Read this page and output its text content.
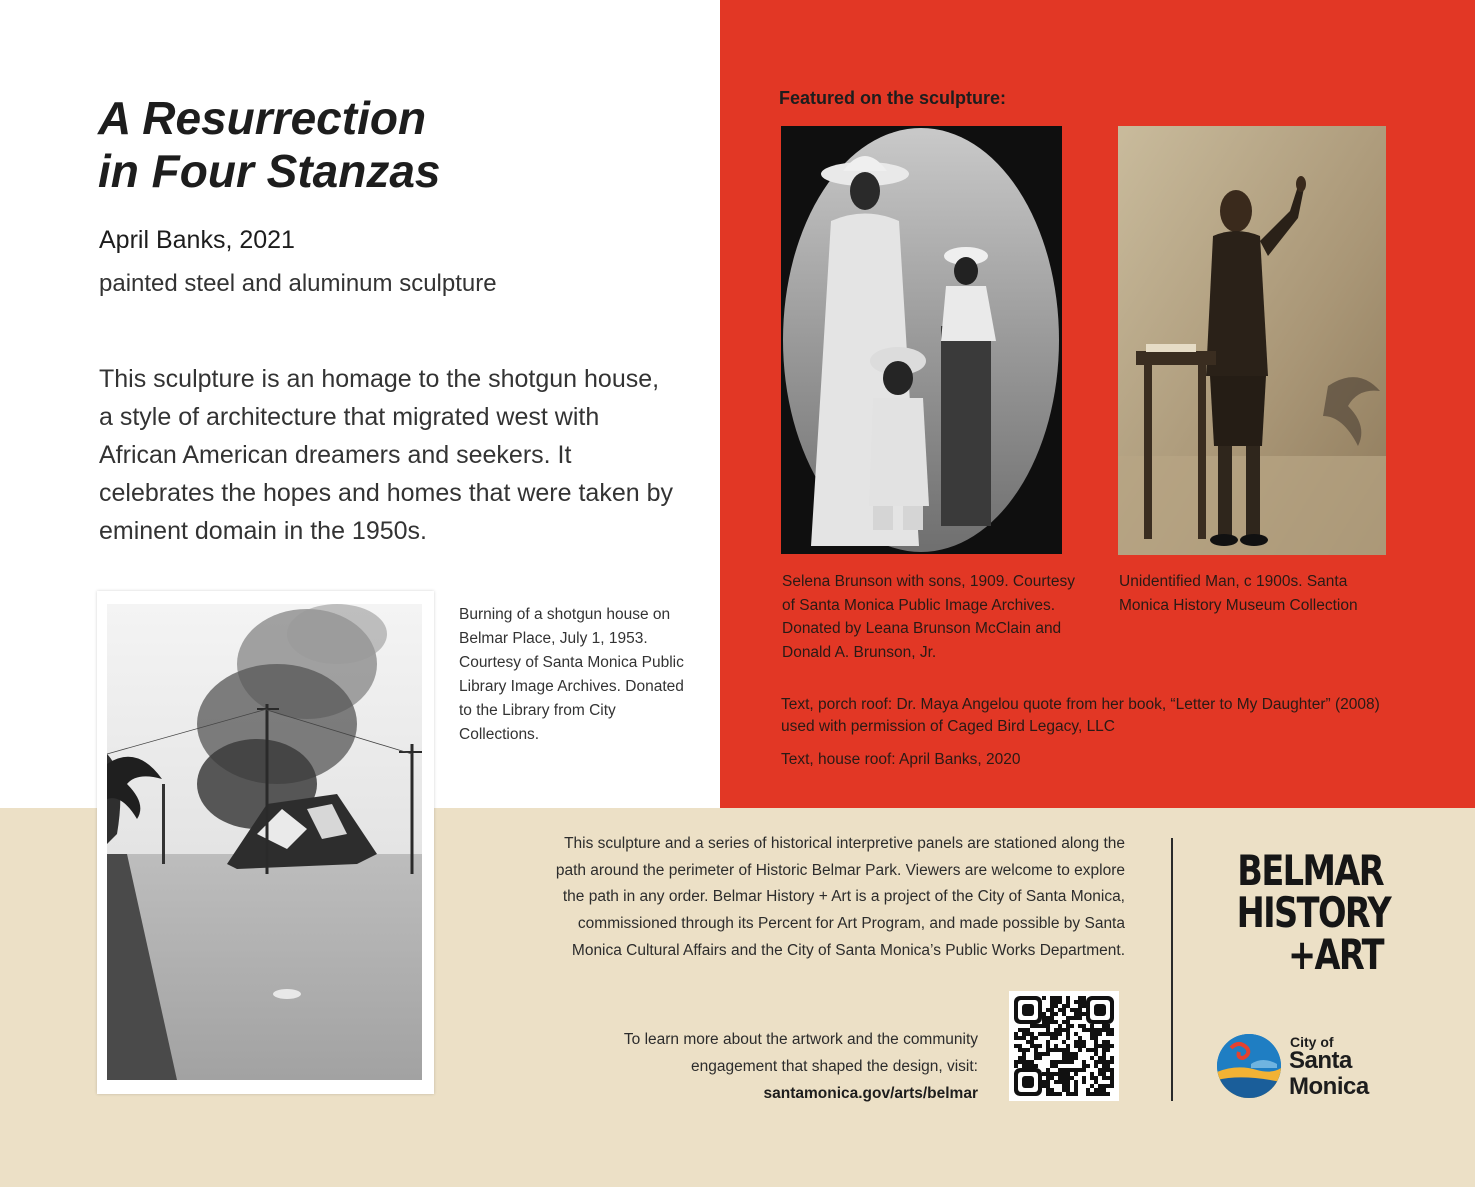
A Resurrection
in Four Stanzas
April Banks, 2021
painted steel and aluminum sculpture

This sculpture is an homage to the shotgun house, a style of architecture that migrated west with African American dreamers and seekers. It celebrates the hopes and homes that were taken by eminent domain in the 1950s.

Burning of a shotgun house on Belmar Place, July 1, 1953. Courtesy of Santa Monica Public Library Image Archives. Donated to the Library from City Collections.

Featured on the sculpture:

Selena Brunson with sons, 1909. Courtesy of Santa Monica Public Image Archives. Donated by Leana Brunson McClain and Donald A. Brunson, Jr.

Unidentified Man, c 1900s. Santa Monica History Museum Collection

Text, porch roof: Dr. Maya Angelou quote from her book, “Letter to My Daughter” (2008) used with permission of Caged Bird Legacy, LLC

Text, house roof: April Banks, 2020

This sculpture and a series of historical interpretive panels are stationed along the path around the perimeter of Historic Belmar Park. Viewers are welcome to explore the path in any order. Belmar History + Art is a project of the City of Santa Monica, commissioned through its Percent for Art Program, and made possible by Santa Monica Cultural Affairs and the City of Santa Monica’s Public Works Department.

To learn more about the artwork and the community engagement that shaped the design, visit:
santamonica.gov/arts/belmar

BELMAR
HISTORY
+ART
City of
Santa
Monica
